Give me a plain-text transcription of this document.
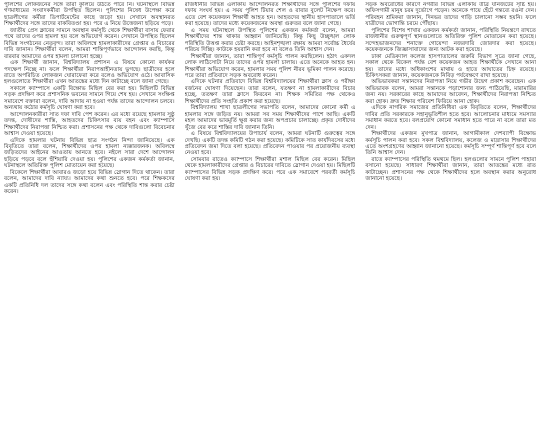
পুলিশের লোকজনের সঙ্গে তারা কুলিয়ে উঠতে পারে নি। ঘটনাস্থলে বিভিন্ন গণমাধ্যমের সংবাদকর্মীরা উপস্থিত ছিলেন। পুলিশের নিষেধ উপেক্ষা করে ছাত্রলীগের কর্মীরা ডিপার্টমেন্টের কাছে জড়ো হয়। সেখানে অবস্থানরত শিক্ষার্থীদের সঙ্গে তাদের বাকবিতণ্ডা হয়। পরে এ নিয়ে উত্তেজনা ছড়িয়ে পড়ে।

জাতীয় প্রেস ক্লাবের সামনে অবস্থান কর্মসূচি থেকে শিক্ষার্থীরা বাসায় ফেরার পথে তাদের ওপর হামলা হয় বলে অভিযোগ করেন। সেখানে উপস্থিত ছিলেন বিভিন্ন সংগঠনের নেতৃবৃন্দ। তারা অবিলম্বে হামলাকারীদের গ্রেপ্তার ও বিচারের দাবি জানান। শিক্ষার্থীরা বলেন, আমরা শান্তিপূর্ণভাবে আন্দোলন করছি, কিন্তু বারবার আমাদের ওপর হামলা চালানো হচ্ছে।

এক শিক্ষার্থী জানান, বিশ্ববিদ্যালয় প্রশাসন এ বিষয়ে কোনো কার্যকর পদক্ষেপ নিচ্ছে না। ফলে শিক্ষার্থীরা নিরাপত্তাহীনতায় ভুগছে। ছাত্রীদের হলে রাতে অপরিচিত লোকজন ঘোরাফেরা করে বলেও অভিযোগ ওঠে। আবাসিক হলগুলোতে শিক্ষার্থীরা এখন আতঙ্কের মধ্যে দিন কাটাচ্ছে বলে জানা গেছে।

সকালে ক্যাম্পাসে একটি বিক্ষোভ মিছিল বের করা হয়। মিছিলটি বিভিন্ন সড়ক প্রদক্ষিণ করে প্রশাসনিক ভবনের সামনে গিয়ে শেষ হয়। সেখানে সংক্ষিপ্ত সমাবেশে বক্তারা বলেন, দাবি আদায় না হওয়া পর্যন্ত তাদের আন্দোলন চলবে। অন্যথায় কঠোর কর্মসূচি ঘোষণা করা হবে।

আন্দোলনকারীরা সাত দফা দাবি পেশ করেন। এর মধ্যে রয়েছে হামলার সুষ্ঠু তদন্ত, দোষীদের শাস্তি, আহতদের চিকিৎসার ব্যয় বহন এবং ক্যাম্পাসে শিক্ষার্থীদের নিরাপত্তা নিশ্চিত করা। প্রশাসনের পক্ষ থেকে দাবিগুলো বিবেচনার আশ্বাস দেওয়া হয়েছে।

এদিকে হামলার ঘটনায় বিভিন্ন ছাত্র সংগঠন নিন্দা জানিয়েছে। এক বিবৃতিতে তারা বলেন, শিক্ষার্থীদের ওপর হামলা ন্যক্কারজনক। অবিলম্বে জড়িতদের আইনের আওতায় আনতে হবে। নইলে সারা দেশে আন্দোলন ছড়িয়ে পড়বে বলে হুঁশিয়ারি দেওয়া হয়। পুলিশের একজন কর্মকর্তা জানান, ঘটনাস্থলে অতিরিক্ত পুলিশ মোতায়েন করা হয়েছে।

বিকেলে শিক্ষার্থীরা আবারও জড়ো হয়ে বিভিন্ন স্লোগান দিতে থাকেন। তারা বলেন, আমাদের দাবি ন্যায্য। আমাদের কথা শুনতে হবে। পরে শিক্ষকদের একটি প্রতিনিধি দল তাদের সঙ্গে কথা বলেন এবং পরিস্থিতি শান্ত করার চেষ্টা করেন।

রাজধানীর বিভিন্ন এলাকায় আন্দোলনরত শিক্ষার্থীদের সঙ্গে পুলিশের দফায় দফায় সংঘর্ষ হয়। এ সময় পুলিশ টিয়ার শেল ও রাবার বুলেট নিক্ষেপ করে। এতে বেশ কয়েকজন শিক্ষার্থী আহত হন। আহতদের স্থানীয় হাসপাতালে ভর্তি করা হয়েছে। তাদের মধ্যে কয়েকজনের অবস্থা গুরুতর বলে জানা গেছে।

এ সময় ঘটনাস্থলে উপস্থিত পুলিশের একজন কর্মকর্তা বলেন, আমরা শিক্ষার্থীদের শান্ত থাকার আহ্বান জানিয়েছি। কিন্তু কিছু উচ্ছৃঙ্খল লোক পরিস্থিতি উত্তপ্ত করার চেষ্টা করছে। আইনশৃঙ্খলা রক্ষায় আমরা সর্বোচ্চ ধৈর্যের পরিচয় দিচ্ছি। কাউকে হয়রানি করা হবে না বলেও তিনি আশ্বাস দেন।

শিক্ষার্থীরা জানান, তারা শান্তিপূর্ণ কর্মসূচি পালন করছিলেন। হঠাৎ একদল লোক লাঠিসোটা নিয়ে তাদের ওপর হামলা চালায়। এতে অনেকে আহত হন। শিক্ষার্থীরা অভিযোগ করেন, হামলার সময় পুলিশ নীরব ভূমিকা পালন করেছে। পরে তারা প্রতিবাদে সড়ক অবরোধ করেন।

এদিকে ঘটনার প্রতিবাদে বিভিন্ন বিশ্ববিদ্যালয়ের শিক্ষার্থীরা ক্লাস ও পরীক্ষা বর্জনের ঘোষণা দিয়েছেন। তারা বলেন, যতক্ষণ না হামলাকারীদের বিচার হচ্ছে, ততক্ষণ তারা ক্লাসে ফিরবেন না। শিক্ষক সমিতির পক্ষ থেকেও শিক্ষার্থীদের প্রতি সংহতি প্রকাশ করা হয়েছে।

বিশ্ববিদ্যালয় শাখা ছাত্রলীগের সভাপতি বলেন, আমাদের কোনো কর্মী এ হামলার সঙ্গে জড়িত নয়। আমরা সব সময় শিক্ষার্থীদের পাশে আছি। একটি মহল আমাদের ভাবমূর্তি ক্ষুণ্ণ করার জন্য অপপ্রচার চালাচ্ছে। প্রকৃত দোষীদের খুঁজে বের করে শাস্তির দাবি জানান তিনি।

এ বিষয়ে বিশ্ববিদ্যালয়ের উপাচার্য বলেন, আমরা ঘটনাটি গুরুত্বের সঙ্গে দেখছি। একটি তদন্ত কমিটি গঠন করা হয়েছে। কমিটিকে সাত কার্যদিবসের মধ্যে প্রতিবেদন জমা দিতে বলা হয়েছে। প্রতিবেদন পাওয়ার পর প্রয়োজনীয় ব্যবস্থা নেওয়া হবে।

সোমবার রাতেও ক্যাম্পাসে শিক্ষার্থীরা মশাল মিছিল বের করেন। মিছিল থেকে হামলাকারীদের গ্রেপ্তার ও বিচারের দাবিতে স্লোগান দেওয়া হয়। মিছিলটি ক্যাম্পাসের বিভিন্ন সড়ক প্রদক্ষিণ করে। পরে এক সমাবেশে পরবর্তী কর্মসূচি ঘোষণা করা হয়।

সড়ক অবরোধের কারণে নগরীর বিভিন্ন এলাকায় তীব্র যানজটের সৃষ্টি হয়। অফিসগামী মানুষ চরম দুর্ভোগে পড়েন। অনেকে পায়ে হেঁটে গন্তব্যে রওনা দেন। পরিবহন শ্রমিকরা জানান, দিনভর তাদের গাড়ি চালানো সম্ভব হয়নি। ফলে যাত্রীদের ভোগান্তি চরমে পৌঁছায়।

পুলিশের বিশেষ শাখার একজন কর্মকর্তা জানান, পরিস্থিতি নিয়ন্ত্রণে রাখতে রাজধানীর গুরুত্বপূর্ণ স্থানগুলোতে অতিরিক্ত পুলিশ মোতায়েন করা হয়েছে। সন্দেহভাজনদের শনাক্তে গোয়েন্দা নজরদারি জোরদার করা হয়েছে। কয়েকজনকে জিজ্ঞাসাবাদের জন্য আটক করা হয়েছে।

ঢাকা মেডিক্যাল কলেজ হাসপাতালের জরুরি বিভাগ সূত্রে জানা গেছে, সকাল থেকে বিকেল পর্যন্ত বেশ কয়েকজন আহত শিক্ষার্থীকে সেখানে আনা হয়। তাদের মধ্যে অধিকাংশের মাথায় ও হাতে আঘাতের চিহ্ন রয়েছে। চিকিৎসকরা জানান, কয়েকজনকে নিবিড় পর্যবেক্ষণে রাখা হয়েছে।

অভিভাবকরা সন্তানদের নিরাপত্তা নিয়ে গভীর উদ্বেগ প্রকাশ করেছেন। এক অভিভাবক বলেন, আমরা সন্তানকে পড়াশোনার জন্য পাঠিয়েছি, মারামারির জন্য নয়। সরকারের কাছে আমাদের আবেদন, শিক্ষার্থীদের নিরাপত্তা নিশ্চিত করা হোক। দ্রুত শিক্ষার পরিবেশ ফিরিয়ে আনা হোক।

এদিকে নাগরিক সমাজের প্রতিনিধিরা এক বিবৃতিতে বলেন, শিক্ষার্থীদের দাবির প্রতি সরকারকে সহানুভূতিশীল হতে হবে। আলোচনার মাধ্যমে সমস্যার সমাধান করতে হবে। বলপ্রয়োগ কোনো সমাধান হতে পারে না বলে তারা মত দেন।

শিক্ষার্থীদের একজন মুখপাত্র জানান, আগামীকাল দেশব্যাপী বিক্ষোভ কর্মসূচি পালন করা হবে। সকল বিশ্ববিদ্যালয়, কলেজ ও মাদ্রাসার শিক্ষার্থীদের এতে অংশগ্রহণের আহ্বান জানানো হয়েছে। কর্মসূচি সম্পূর্ণ শান্তিপূর্ণ হবে বলে তিনি আশ্বাস দেন।

রাতে ক্যাম্পাসের পরিস্থিতি থমথমে ছিল। হলগুলোর সামনে পুলিশ পাহারা বসানো হয়েছে। সাধারণ শিক্ষার্থীরা জানান, তারা আতঙ্কের মধ্যে রাত কাটাচ্ছেন। প্রশাসনের পক্ষ থেকে শিক্ষার্থীদের হলে অবস্থান করার অনুরোধ জানানো হয়েছে।
